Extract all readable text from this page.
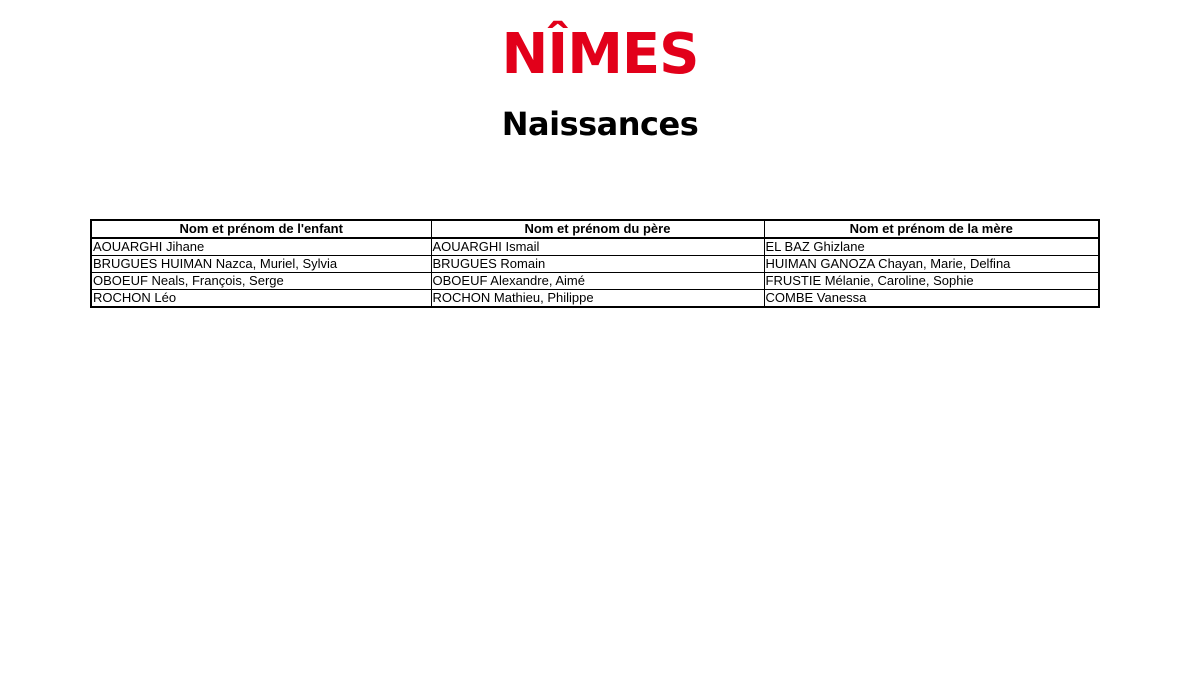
NÎMES
Naissances
Nom et prénom de l'enfant	Nom et prénom du père	Nom et prénom de la mère
AOUARGHI Jihane	AOUARGHI Ismail	EL BAZ Ghizlane
BRUGUES HUIMAN Nazca, Muriel, Sylvia	BRUGUES Romain	HUIMAN GANOZA Chayan, Marie, Delfina
OBOEUF Neals, François, Serge	OBOEUF Alexandre, Aimé	FRUSTIE Mélanie, Caroline, Sophie
ROCHON Léo	ROCHON Mathieu, Philippe	COMBE Vanessa
